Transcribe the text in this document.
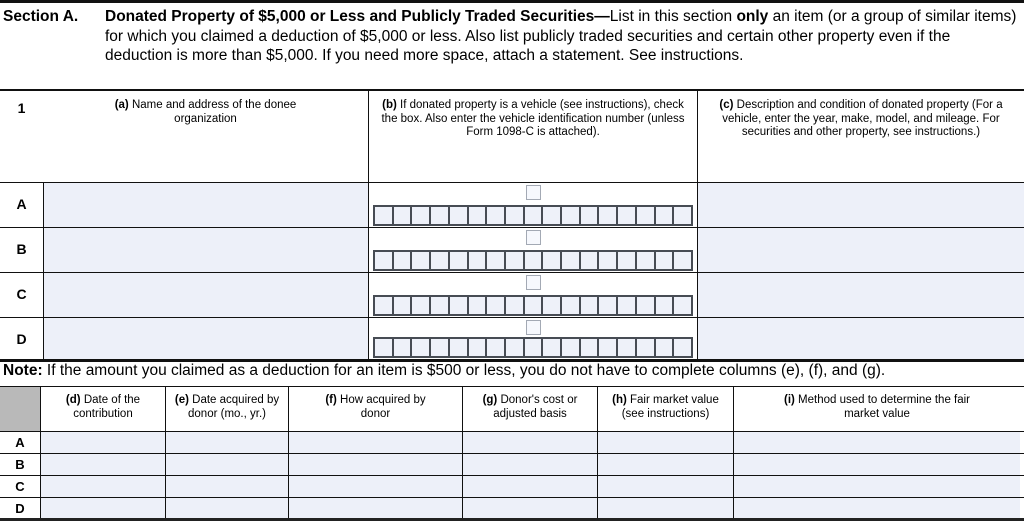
Section A.	Donated Property of $5,000 or Less and Publicly Traded Securities—List in this section only an item (or a group of similar items) for which you claimed a deduction of $5,000 or less. Also list publicly traded securities and certain other property even if the deduction is more than $5,000. If you need more space, attach a statement. See instructions.
1	(a) Name and address of the donee organization
(b) If donated property is a vehicle (see instructions), check the box. Also enter the vehicle identification number (unless Form 1098-C is attached).
(c) Description and condition of donated property (For a vehicle, enter the year, make, model, and mileage. For securities and other property, see instructions.)
A
B
C
D
Note: If the amount you claimed as a deduction for an item is $500 or less, you do not have to complete columns (e), (f), and (g).
(d) Date of the contribution
(e) Date acquired by donor (mo., yr.)
(f) How acquired by donor
(g) Donor's cost or adjusted basis
(h) Fair market value (see instructions)
(i) Method used to determine the fair market value
A
B
C
D
